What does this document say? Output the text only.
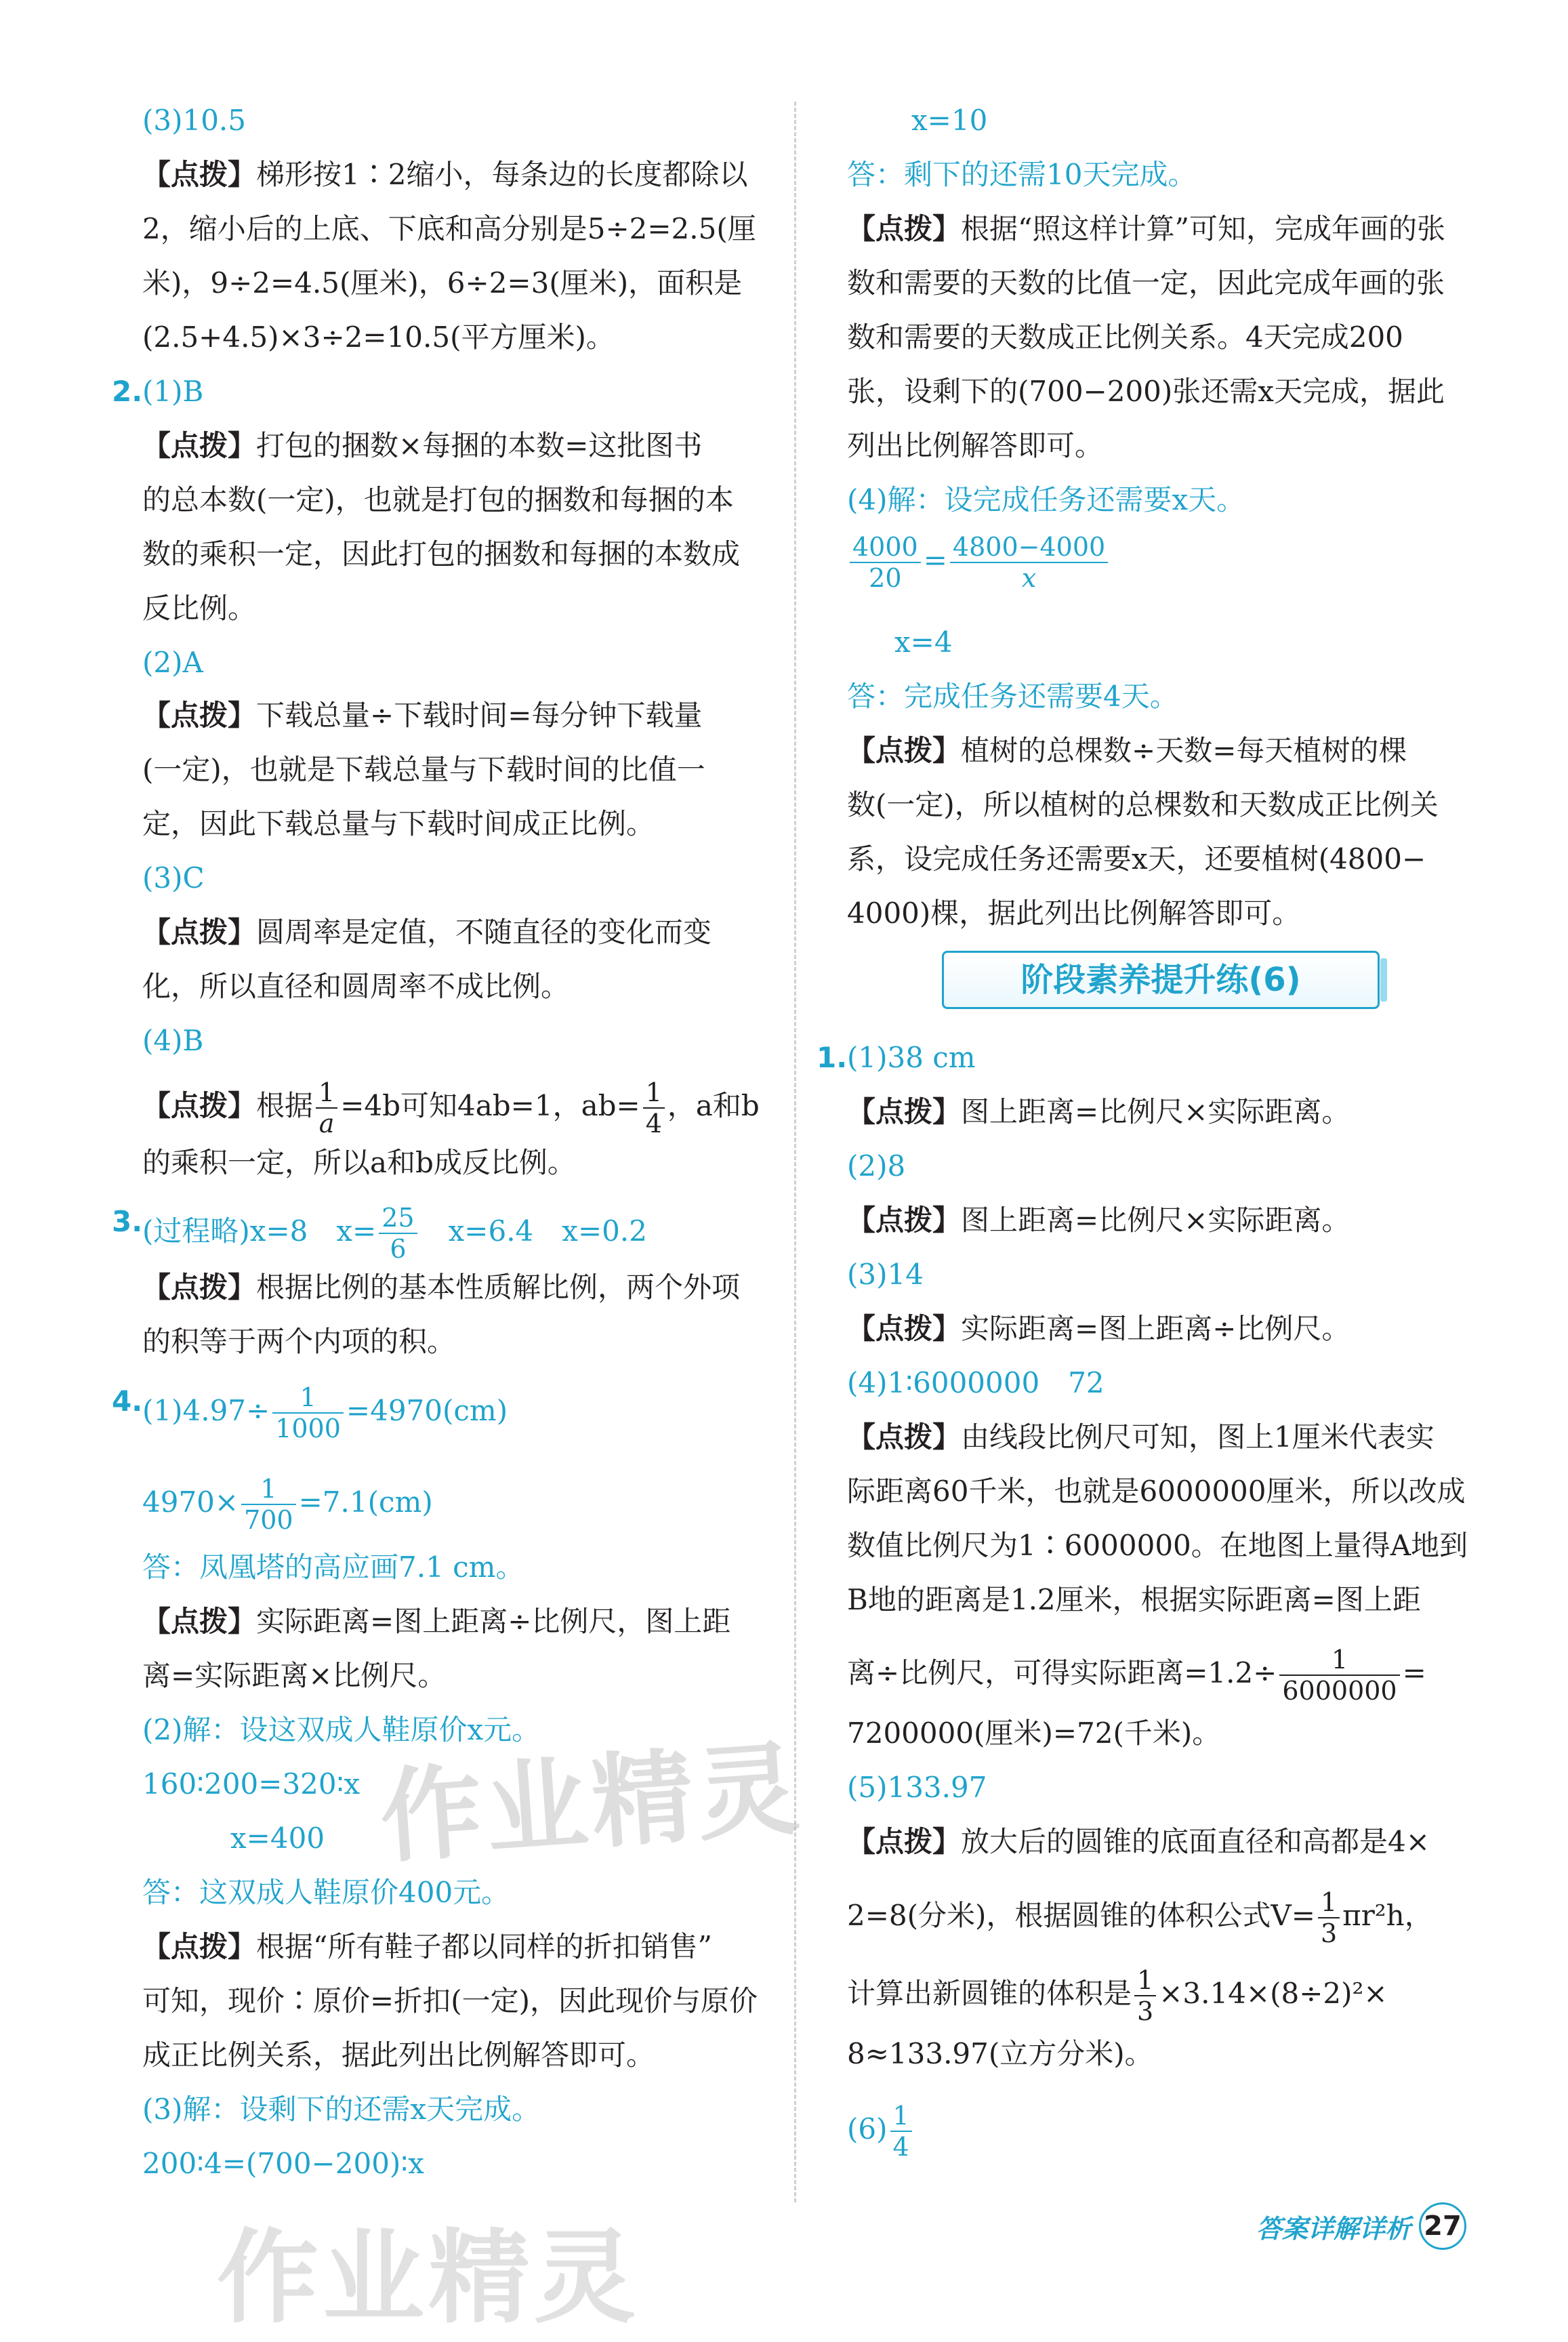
(3)10.5
【点拨】梯形按1∶2缩小，每条边的长度都除以
2，缩小后的上底、下底和高分别是5÷2=2.5(厘
米)，9÷2=4.5(厘米)，6÷2=3(厘米)，面积是
(2.5+4.5)×3÷2=10.5(平方厘米)。
2. (1)B
【点拨】打包的捆数×每捆的本数=这批图书
的总本数(一定)，也就是打包的捆数和每捆的本
数的乘积一定，因此打包的捆数和每捆的本数成
反比例。
(2)A
【点拨】下载总量÷下载时间=每分钟下载量
(一定)，也就是下载总量与下载时间的比值一
定，因此下载总量与下载时间成正比例。
(3)C
【点拨】圆周率是定值，不随直径的变化而变
化，所以直径和圆周率不成比例。
(4)B
【点拨】根据 $\frac{1}{a} =4b$可知4ab=1，$ab= \frac{1}{4}$ ，a和b
的乘积一定，所以a和b成反比例。
3. (过程略)x=8　$x= \frac{25}{6}$ 　x=6.4　x=0.2
【点拨】根据比例的基本性质解比例，两个外项
的积等于两个内项的积。
4. $(1)4.97\div \frac{1}{1000} =4970(cm)$
$4970\times \frac{1}{700} =7.1(cm)$
答：凤凰塔的高应画7.1 cm。
【点拨】实际距离=图上距离÷比例尺，图上距
离=实际距离×比例尺。
(2)解：设这双成人鞋原价x元。
160∶200=320∶x
x=400
答：这双成人鞋原价400元。
【点拨】根据“所有鞋子都以同样的折扣销售”
可知，现价∶原价=折扣(一定)，因此现价与原价
成正比例关系，据此列出比例解答即可。
(3)解：设剩下的还需x天完成。
200∶4=(700−200)∶x
x=10
答：剩下的还需10天完成。
【点拨】根据“照这样计算”可知，完成年画的张
数和需要的天数的比值一定，因此完成年画的张
数和需要的天数成正比例关系。4天完成200
张，设剩下的(700−200)张还需x天完成，据此
列出比例解答即可。
(4)解：设完成任务还需要x天。
$\frac{4000}{20} = \frac{4800-4000}{x}$
x=4
答：完成任务还需要4天。
【点拨】植树的总棵数÷天数=每天植树的棵
数(一定)，所以植树的总棵数和天数成正比例关
系，设完成任务还需要x天，还要植树(4800−
4000)棵，据此列出比例解答即可。
阶段素养提升练(6)
1. (1)38 cm
【点拨】图上距离=比例尺×实际距离。
(2)8
【点拨】图上距离=比例尺×实际距离。
(3)14
【点拨】实际距离=图上距离÷比例尺。
(4)1∶6000000　72
【点拨】由线段比例尺可知，图上1厘米代表实
际距离60千米，也就是6000000厘米，所以改成
数值比例尺为1∶6000000。在地图上量得A地到
B地的距离是1.2厘米，根据实际距离=图上距
离÷比例尺，可得实际距离$=1.2\div \frac{1}{6000000}$ =
7200000(厘米)=72(千米)。
(5)133.97
【点拨】放大后的圆锥的底面直径和高都是4×
2=8(分米)，根据圆锥的体积公式$V= \frac{1}{3} \pi r^2h$，
计算出新圆锥的体积是 $\frac{1}{3} \times 3.14\times(8\div 2)^2\times$
8≈133.97(立方分米)。
$(6) \frac{1}{4}$
作业精灵
作业精灵	答案详解详析 27
